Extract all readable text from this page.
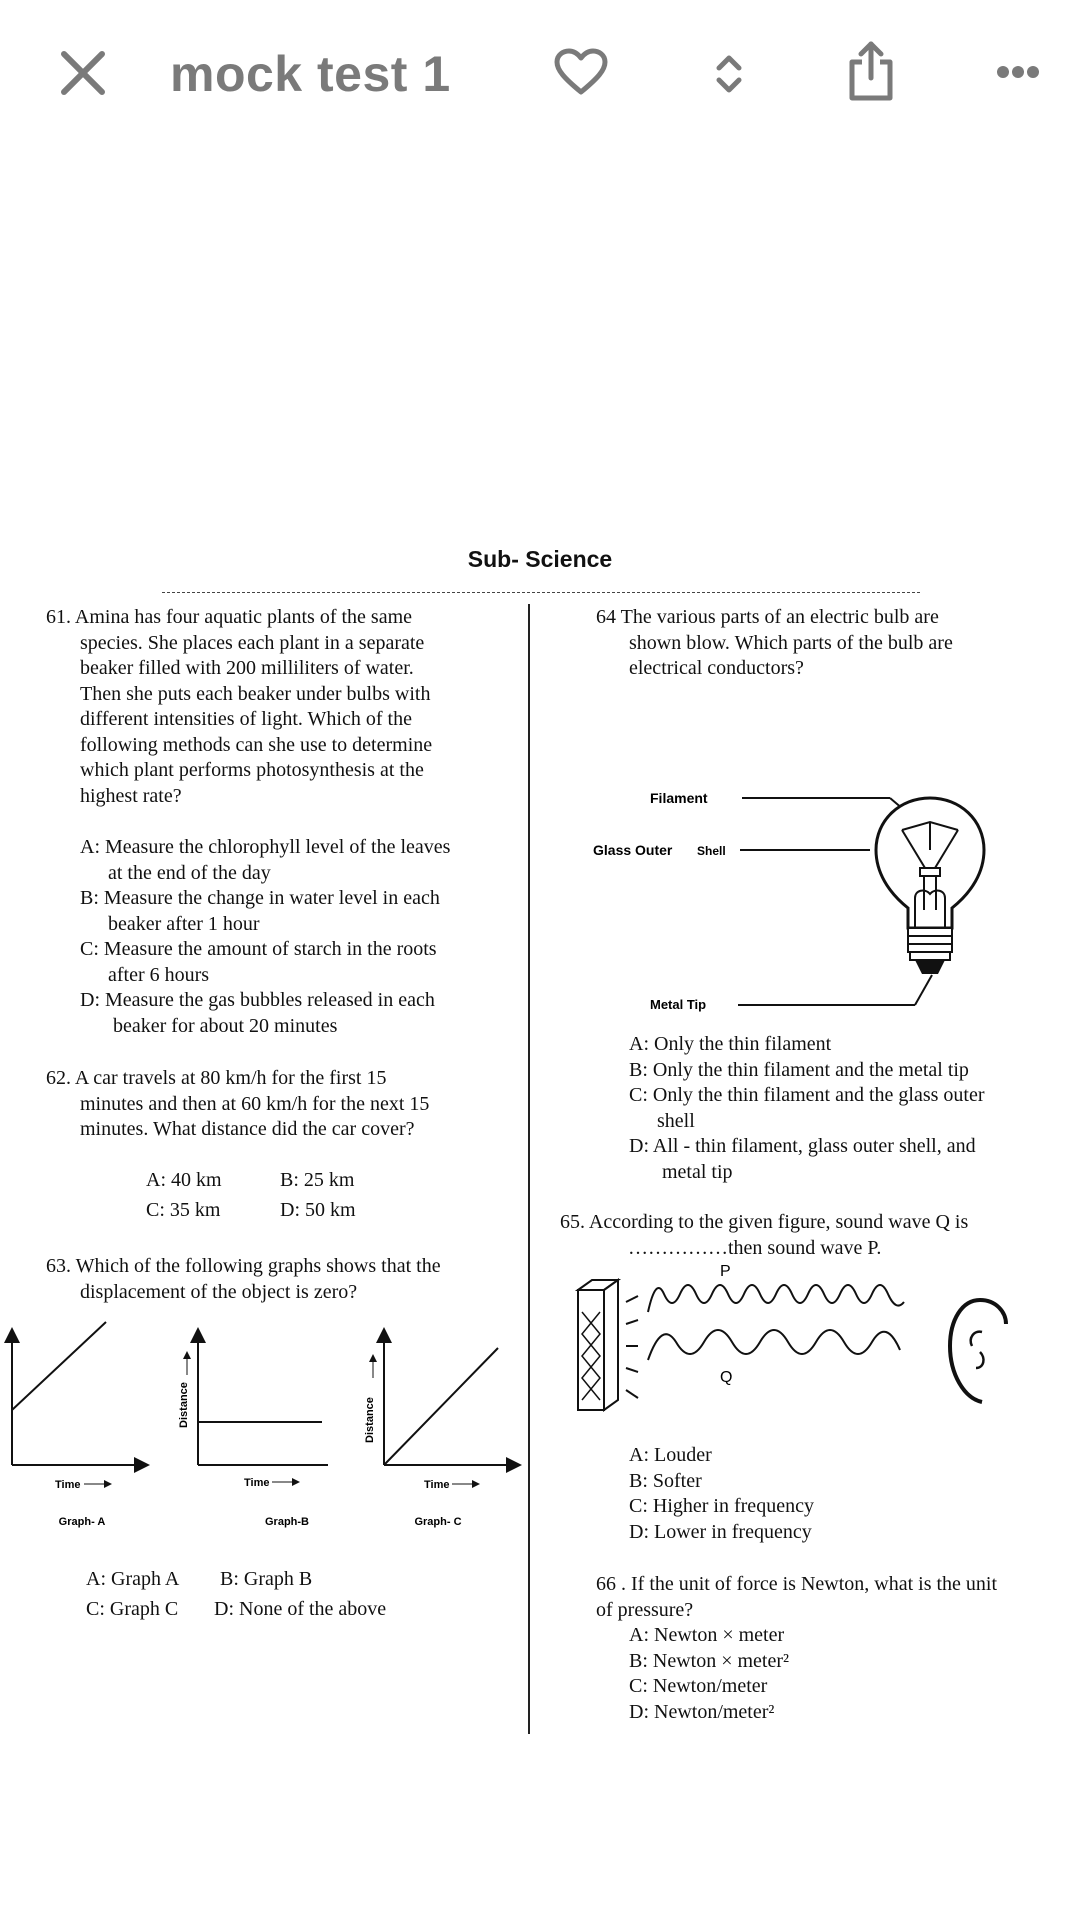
mock test 1
Sub- Science
61. Amina has four aquatic plants of the same
species. She places each plant in a separate
beaker filled with 200 milliliters of water.
Then she puts each beaker under bulbs with
different intensities of light. Which of the
following methods can she use to determine
which plant performs photosynthesis at the
highest rate?
A: Measure the chlorophyll level of the leaves
at the end of the day
B: Measure the change in water level in each
beaker after 1 hour
C: Measure the amount of starch in the roots
after 6 hours
D: Measure the gas bubbles released in each
beaker for about 20 minutes
62. A car travels at 80 km/h for the first 15
minutes and then at 60 km/h for the next 15
minutes. What distance did the car cover?
A: 40 km	B: 25 km
C: 35 km	D: 50 km
63. Which of the following graphs shows that the
displacement of the object is zero?
Time
Graph- A
Distance
Time
Graph-B
Distance
Time
Graph- C
A: Graph A B: Graph B
C: Graph C D: None of the above
64 The various parts of an electric bulb are
shown blow. Which parts of the bulb are
electrical conductors?
Filament
Glass Outer Shell
Metal Tip
A: Only the thin filament
B: Only the thin filament and the metal tip
C: Only the thin filament and the glass outer
shell
D: All - thin filament, glass outer shell, and
metal tip
65. According to the given figure, sound wave Q is
……………then sound wave P.
P
Q
A: Louder
B: Softer
C: Higher in frequency
D: Lower in frequency
66 . If the unit of force is Newton, what is the unit
of pressure?
A: Newton × meter
B: Newton × meter²
C: Newton/meter
D: Newton/meter²
